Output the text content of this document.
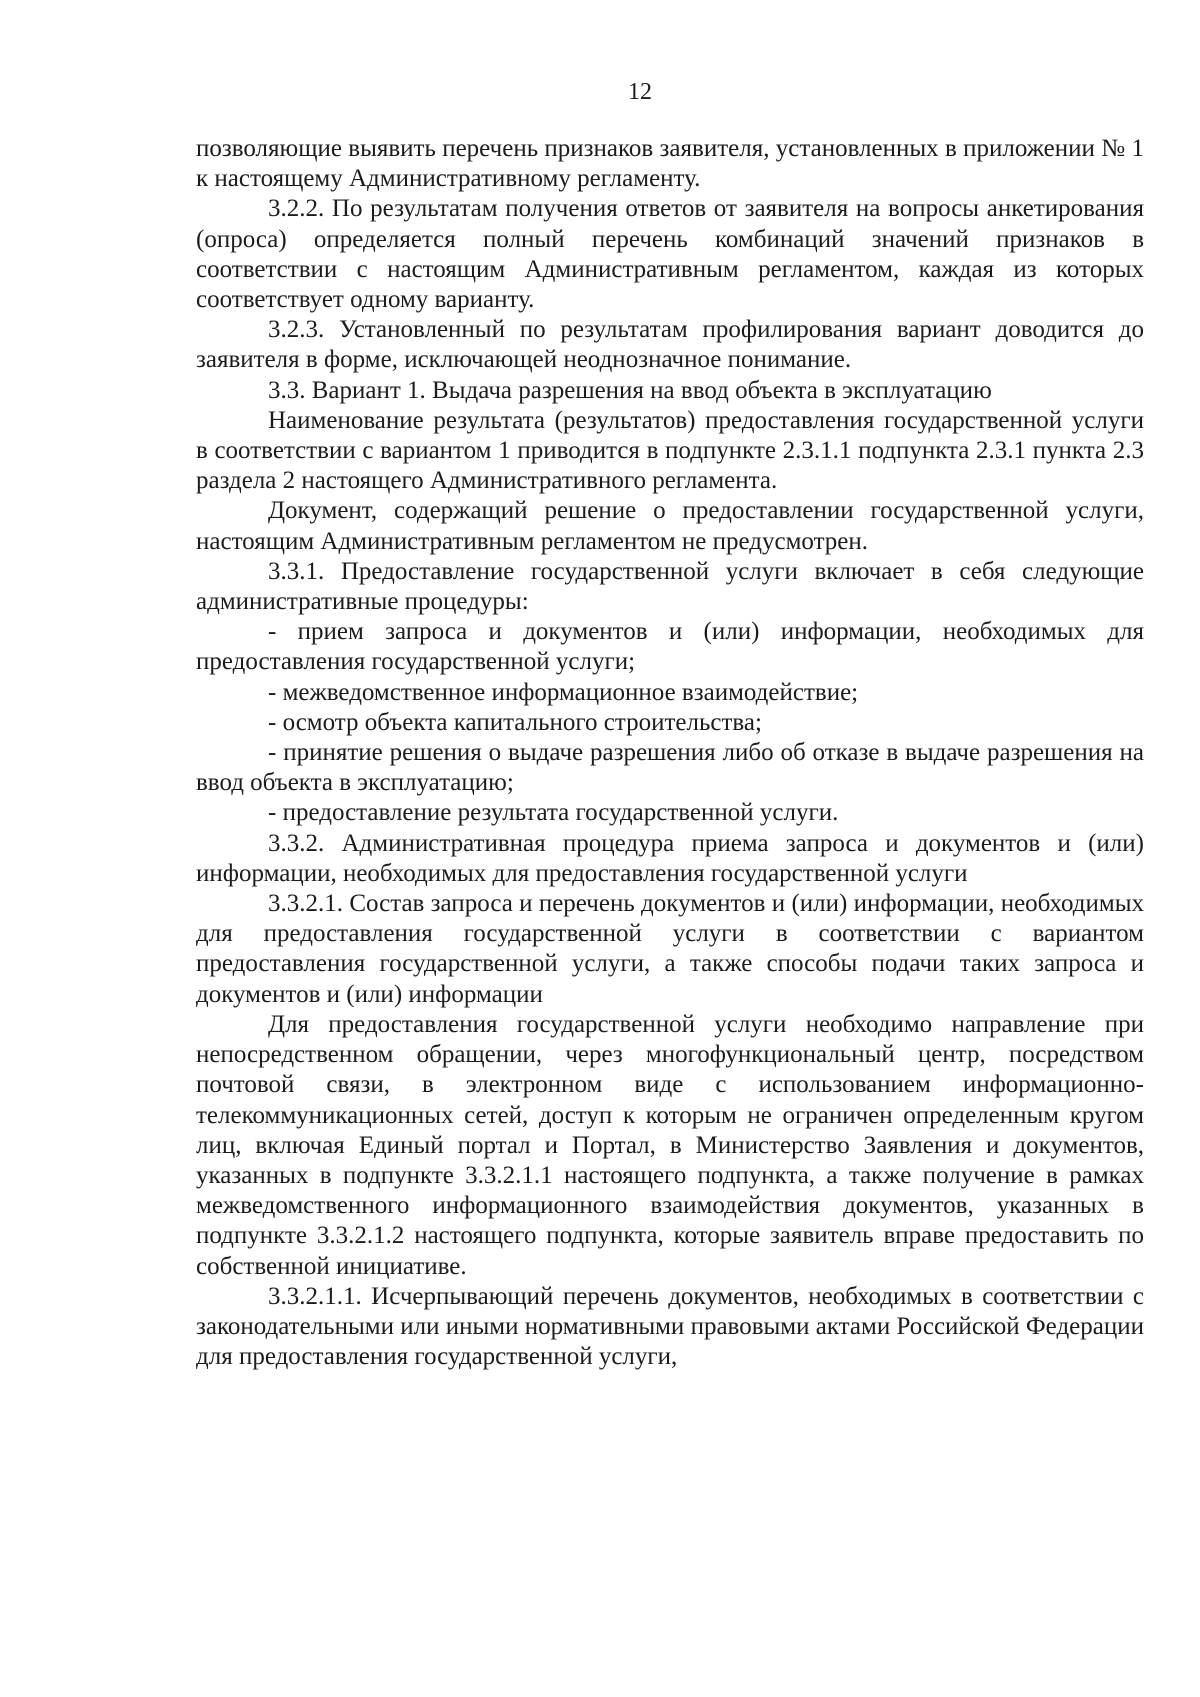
12

позволяющие выявить перечень признаков заявителя, установленных в приложении № 1 к настоящему Административному регламенту.

3.2.2. По результатам получения ответов от заявителя на вопросы анкетирования (опроса) определяется полный перечень комбинаций значений признаков в соответствии с настоящим Административным регламентом, каждая из которых соответствует одному варианту.

3.2.3. Установленный по результатам профилирования вариант доводится до заявителя в форме, исключающей неоднозначное понимание.

3.3. Вариант 1. Выдача разрешения на ввод объекта в эксплуатацию

Наименование результата (результатов) предоставления государственной услуги в соответствии с вариантом 1 приводится в подпункте 2.3.1.1 подпункта 2.3.1 пункта 2.3 раздела 2 настоящего Административного регламента.

Документ, содержащий решение о предоставлении государственной услуги, настоящим Административным регламентом не предусмотрен.

3.3.1. Предоставление государственной услуги включает в себя следующие административные процедуры:

- прием запроса и документов и (или) информации, необходимых для предоставления государственной услуги;

- межведомственное информационное взаимодействие;

- осмотр объекта капитального строительства;

- принятие решения о выдаче разрешения либо об отказе в выдаче разрешения на ввод объекта в эксплуатацию;

- предоставление результата государственной услуги.

3.3.2. Административная процедура приема запроса и документов и (или) информации, необходимых для предоставления государственной услуги

3.3.2.1. Состав запроса и перечень документов и (или) информации, необходимых для предоставления государственной услуги в соответствии с вариантом предоставления государственной услуги, а также способы подачи таких запроса и документов и (или) информации

Для предоставления государственной услуги необходимо направление при непосредственном обращении, через многофункциональный центр, посредством почтовой связи, в электронном виде с использованием информационно-телекоммуникационных сетей, доступ к которым не ограничен определенным кругом лиц, включая Единый портал и Портал, в Министерство Заявления и документов, указанных в подпункте 3.3.2.1.1 настоящего подпункта, а также получение в рамках межведомственного информационного взаимодействия документов, указанных в подпункте 3.3.2.1.2 настоящего подпункта, которые заявитель вправе предоставить по собственной инициативе.

3.3.2.1.1. Исчерпывающий перечень документов, необходимых в соответствии с законодательными или иными нормативными правовыми актами Российской Федерации для предоставления государственной услуги,
